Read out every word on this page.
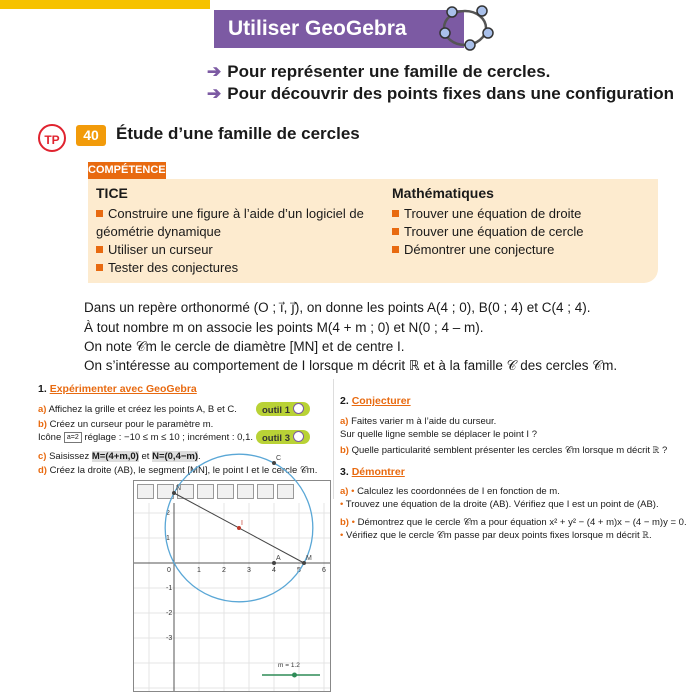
Utiliser GeoGebra
➔ Pour représenter une famille de cercles.
➔ Pour découvrir des points fixes dans une configuration
TP	40	Étude d’une famille de cercles
COMPÉTENCES
TICE
Construire une figure à l’aide d’un logiciel de
géométrie dynamique
Utiliser un curseur
Tester des conjectures
Mathématiques
Trouver une équation de droite
Trouver une équation de cercle
Démontrer une conjecture
Dans un repère orthonormé (O ; i⃗, j⃗), on donne les points A(4 ; 0), B(0 ; 4) et C(4 ; 4).
À tout nombre m on associe les points M(4 + m ; 0) et N(0 ; 4 – m).
On note 𝒞m le cercle de diamètre [MN] et de centre I.
On s’intéresse au comportement de I lorsque m décrit ℝ et à la famille 𝒞 des cercles 𝒞m.
1. Expérimenter avec GeoGebra
a) Affichez la grille et créez les points A, B et C.	outil 1
b) Créez un curseur pour le paramètre m.
Icône a=2 réglage : −10 ≤ m ≤ 10 ; incrément : 0,1. outil 3
c) Saisissez M=(4+m,0) et N=(0,4−m).
d) Créez la droite (AB), le segment [MN], le point I et le cercle 𝒞m.
1	2	3	4	5	6
2
1
-1
-2
-3
0
C
N
I
A	M
m = 1.2
2. Conjecturer
a) Faites varier m à l’aide du curseur.
Sur quelle ligne semble se déplacer le point I ?
b) Quelle particularité semblent présenter les cercles 𝒞m lorsque m décrit ℝ ?
3. Démontrer
a) • Calculez les coordonnées de I en fonction de m.
• Trouvez une équation de la droite (AB). Vérifiez que I est un point de (AB).
b) • Démontrez que le cercle 𝒞m a pour équation x² + y² − (4 + m)x − (4 − m)y = 0.
• Vérifiez que le cercle 𝒞m passe par deux points fixes lorsque m décrit ℝ.
